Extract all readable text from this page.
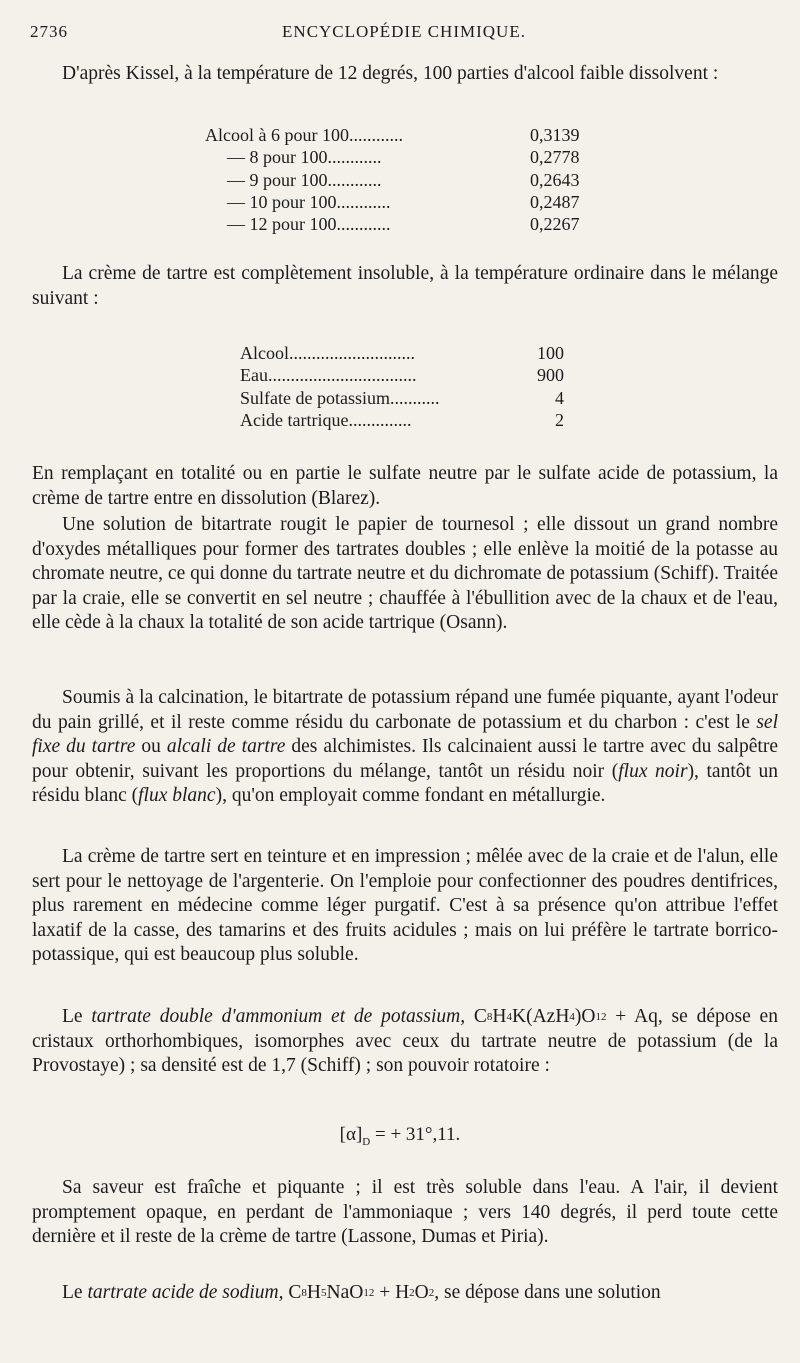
2736	ENCYCLOPÉDIE CHIMIQUE.

D'après Kissel, à la température de 12 degrés, 100 parties d'alcool faible dissolvent :

Alcool à 6 pour 100............	0,3139
— 8 pour 100............	0,2778
— 9 pour 100............	0,2643
— 10 pour 100............	0,2487
— 12 pour 100............	0,2267

La crème de tartre est complètement insoluble, à la température ordinaire dans le mélange suivant :

Alcool............................	100
Eau.................................	900
Sulfate de potassium...........	4
Acide tartrique..............	2

En remplaçant en totalité ou en partie le sulfate neutre par le sulfate acide de potassium, la crème de tartre entre en dissolution (Blarez).

Une solution de bitartrate rougit le papier de tournesol ; elle dissout un grand nombre d'oxydes métalliques pour former des tartrates doubles ; elle enlève la moitié de la potasse au chromate neutre, ce qui donne du tartrate neutre et du dichromate de potassium (Schiff). Traitée par la craie, elle se convertit en sel neutre ; chauffée à l'ébullition avec de la chaux et de l'eau, elle cède à la chaux la totalité de son acide tartrique (Osann).

Soumis à la calcination, le bitartrate de potassium répand une fumée piquante, ayant l'odeur du pain grillé, et il reste comme résidu du carbonate de potassium et du charbon : c'est le sel fixe du tartre ou alcali de tartre des alchimistes. Ils calcinaient aussi le tartre avec du salpêtre pour obtenir, suivant les proportions du mélange, tantôt un résidu noir (flux noir), tantôt un résidu blanc (flux blanc), qu'on employait comme fondant en métallurgie.

La crème de tartre sert en teinture et en impression ; mêlée avec de la craie et de l'alun, elle sert pour le nettoyage de l'argenterie. On l'emploie pour confectionner des poudres dentifrices, plus rarement en médecine comme léger purgatif. C'est à sa présence qu'on attribue l'effet laxatif de la casse, des tamarins et des fruits acidules ; mais on lui préfère le tartrate borrico-potassique, qui est beaucoup plus soluble.

Le tartrate double d'ammonium et de potassium, $C^8H^4K(AzH^4)O^{12} + Aq$, se dépose en cristaux orthorhombiques, isomorphes avec ceux du tartrate neutre de potassium (de la Provostaye) ; sa densité est de 1,7 (Schiff) ; son pouvoir rotatoire :

$[\alpha]_D$ = + 31°,11.

Sa saveur est fraîche et piquante ; il est très soluble dans l'eau. A l'air, il devient promptement opaque, en perdant de l'ammoniaque ; vers 140 degrés, il perd toute cette dernière et il reste de la crème de tartre (Lassone, Dumas et Piria).

Le tartrate acide de sodium, $C^8H^5NaO^{12} + H^2O^2$, se dépose dans une solution
